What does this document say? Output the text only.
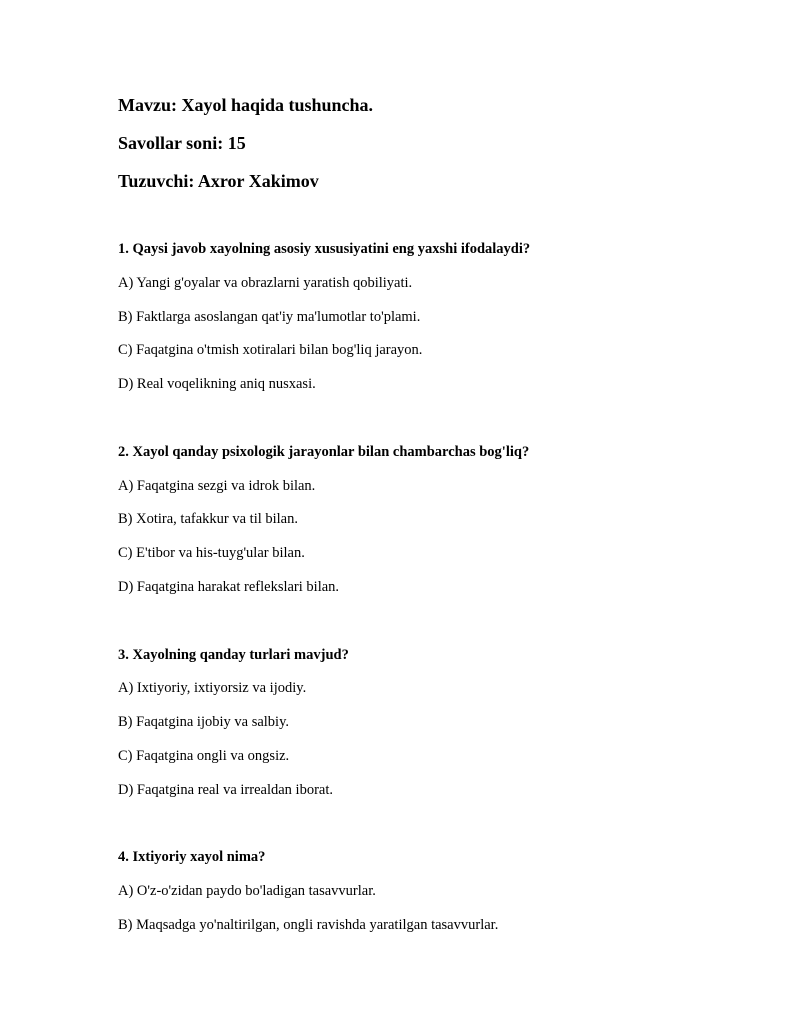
Mavzu: Xayol haqida tushuncha.
Savollar soni: 15
Tuzuvchi: Axror Xakimov
1. Qaysi javob xayolning asosiy xususiyatini eng yaxshi ifodalaydi?
A) Yangi g'oyalar va obrazlarni yaratish qobiliyati.
B) Faktlarga asoslangan qat'iy ma'lumotlar to'plami.
C) Faqatgina o'tmish xotiralari bilan bog'liq jarayon.
D) Real voqelikning aniq nusxasi.
2. Xayol qanday psixologik jarayonlar bilan chambarchas bog'liq?
A) Faqatgina sezgi va idrok bilan.
B) Xotira, tafakkur va til bilan.
C) E'tibor va his-tuyg'ular bilan.
D) Faqatgina harakat reflekslari bilan.
3. Xayolning qanday turlari mavjud?
A) Ixtiyoriy, ixtiyorsiz va ijodiy.
B) Faqatgina ijobiy va salbiy.
C) Faqatgina ongli va ongsiz.
D) Faqatgina real va irrealdan iborat.
4. Ixtiyoriy xayol nima?
A) O'z-o'zidan paydo bo'ladigan tasavvurlar.
B) Maqsadga yo'naltirilgan, ongli ravishda yaratilgan tasavvurlar.
